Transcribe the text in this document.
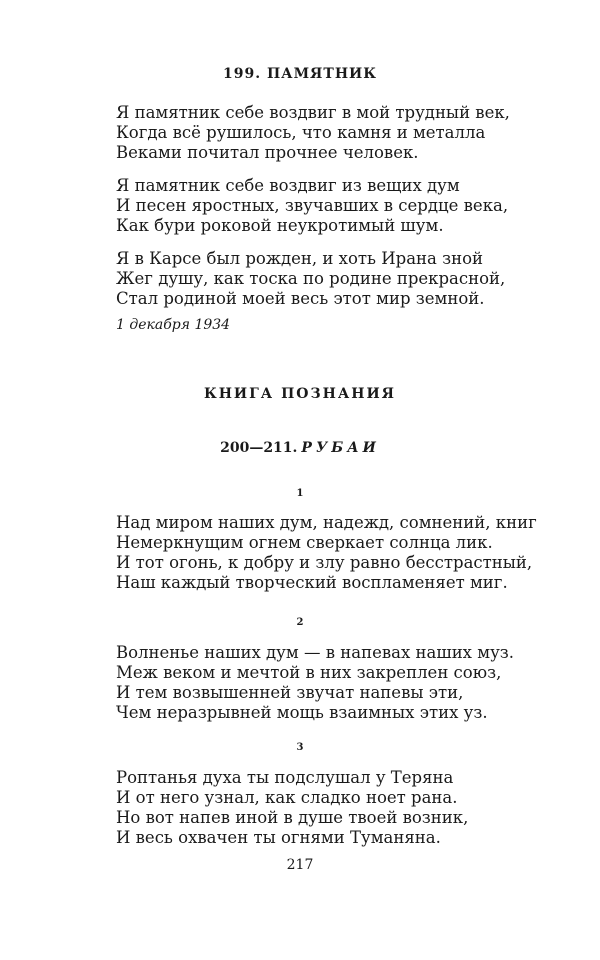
199. ПАМЯТНИК

Я памятник себе воздвиг в мой трудный век,
Когда всё рушилось, что камня и металла
Веками почитал прочнее человек.
Я памятник себе воздвиг из вещих дум
И песен яростных, звучавших в сердце века,
Как бури роковой неукротимый шум.
Я в Карсе был рожден, и хоть Ирана зной
Жег душу, как тоска по родине прекрасной,
Стал родиной моей весь этот мир земной.

1 декабря 1934

КНИГА ПОЗНАНИЯ

200—211. РУБАИ

1

Над миром наших дум, надежд, сомнений, книг
Немеркнущим огнем сверкает солнца лик.
И тот огонь, к добру и злу равно бесстрастный,
Наш каждый творческий воспламеняет миг.

2

Волненье наших дум — в напевах наших муз.
Меж веком и мечтой в них закреплен союз,
И тем возвышенней звучат напевы эти,
Чем неразрывней мощь взаимных этих уз.

3

Роптанья духа ты подслушал у Теряна
И от него узнал, как сладко ноет рана.
Но вот напев иной в душе твоей возник,
И весь охвачен ты огнями Туманяна.

217
